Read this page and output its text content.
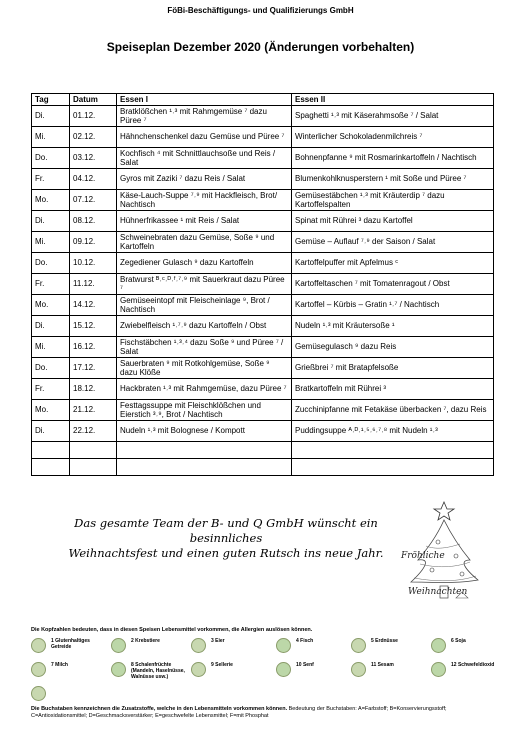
FöBi-Beschäftigungs- und Qualifizierungs GmbH
Speiseplan Dezember 2020 (Änderungen vorbehalten)
Tag	Datum	Essen I	Essen II
Di.	01.12.	Bratklößchen ¹˒³ mit Rahmgemüse ⁷ dazu Püree ⁷	Spaghetti ¹˒³ mit Käserahmsoße ⁷ / Salat
Mi.	02.12.	Hähnchenschenkel dazu Gemüse und Püree ⁷	Winterlicher Schokoladenmilchreis ⁷
Do.	03.12.	Kochfisch ⁴ mit Schnittlauchsoße und Reis / Salat	Bohnenpfanne ⁹ mit Rosmarinkartoffeln / Nachtisch
Fr.	04.12.	Gyros mit Zaziki ⁷ dazu Reis / Salat	Blumenkohlknusperstern ¹ mit Soße und Püree ⁷
Mo.	07.12.	Käse-Lauch-Suppe ⁷˒⁹ mit Hackfleisch, Brot/ Nachtisch	Gemüsestäbchen ¹˒³ mit Kräuterdip ⁷ dazu Kartoffelspalten
Di.	08.12.	Hühnerfrikassee ¹ mit Reis / Salat	Spinat mit Rührei ³ dazu Kartoffel
Mi.	09.12.	Schweinebraten dazu Gemüse, Soße ⁹ und Kartoffeln	Gemüse – Auflauf ⁷˒⁹ der Saison / Salat
Do.	10.12.	Zegediener Gulasch ⁹ dazu Kartoffeln	Kartoffelpuffer mit Apfelmus ᶜ
Fr.	11.12.	Bratwurst ᴮ˒ᶜ˒ᴰ˒ᶠ˒⁷˒⁹ mit Sauerkraut dazu Püree ⁷	Kartoffeltaschen ⁷ mit Tomatenragout / Obst
Mo.	14.12.	Gemüseeintopf mit Fleischeinlage ⁹, Brot / Nachtisch	Kartoffel – Kürbis – Gratin ¹˒⁷ / Nachtisch
Di.	15.12.	Zwiebelfleisch ¹˒⁷˒⁹ dazu Kartoffeln / Obst	Nudeln ¹˒³ mit Kräutersoße ¹
Mi.	16.12.	Fischstäbchen ¹˒³˒⁴ dazu Soße ⁹ und Püree ⁷ / Salat	Gemüsegulasch ⁹ dazu Reis
Do.	17.12.	Sauerbraten ⁹ mit Rotkohlgemüse, Soße ⁹ dazu Klöße	Grießbrei ⁷ mit Bratapfelsoße
Fr.	18.12.	Hackbraten ¹˒³ mit Rahmgemüse, dazu Püree ⁷	Bratkartoffeln mit Rührei ³
Mo.	21.12.	Festtagssuppe mit Fleischklößchen und Eierstich ³˒⁹, Brot / Nachtisch	Zucchinipfanne mit Fetakäse überbacken ⁷, dazu Reis
Di.	22.12.	Nudeln ¹˒³ mit Bolognese / Kompott	Puddingsuppe ᴬ˒ᴰ˒¹˒⁵˒⁶˒⁷˒⁸ mit Nudeln ¹˒³

Das gesamte Team der B- und Q GmbH wünscht ein besinnliches
Weihnachtsfest und einen guten Rutsch ins neue Jahr.	Fröhliche
Weihnachten
Die Kopfzahlen bedeuten, dass in diesen Speisen Lebensmittel vorkommen, die Allergien auslösen können.
1 Glutenhaltiges Getreide
2 Krebstiere	3 Eier	4 Fisch	5 Erdnüsse	6 Soja
7 Milch	8 Schalenfrüchte (Mandeln, Haselnüsse, Walnüsse usw.)
9 Sellerie	10 Senf	11 Sesam	12 Schwefeldioxid
Die Buchstaben kennzeichnen die Zusatzstoffe, welche in den Lebensmitteln vorkommen können. Bedeutung der Buchstaben: A=Farbstoff; B=Konservierungsstoff; C=Antioxidationsmittel; D=Geschmacksverstärker; E=geschwefelte Lebensmittel; F=mit Phosphat
